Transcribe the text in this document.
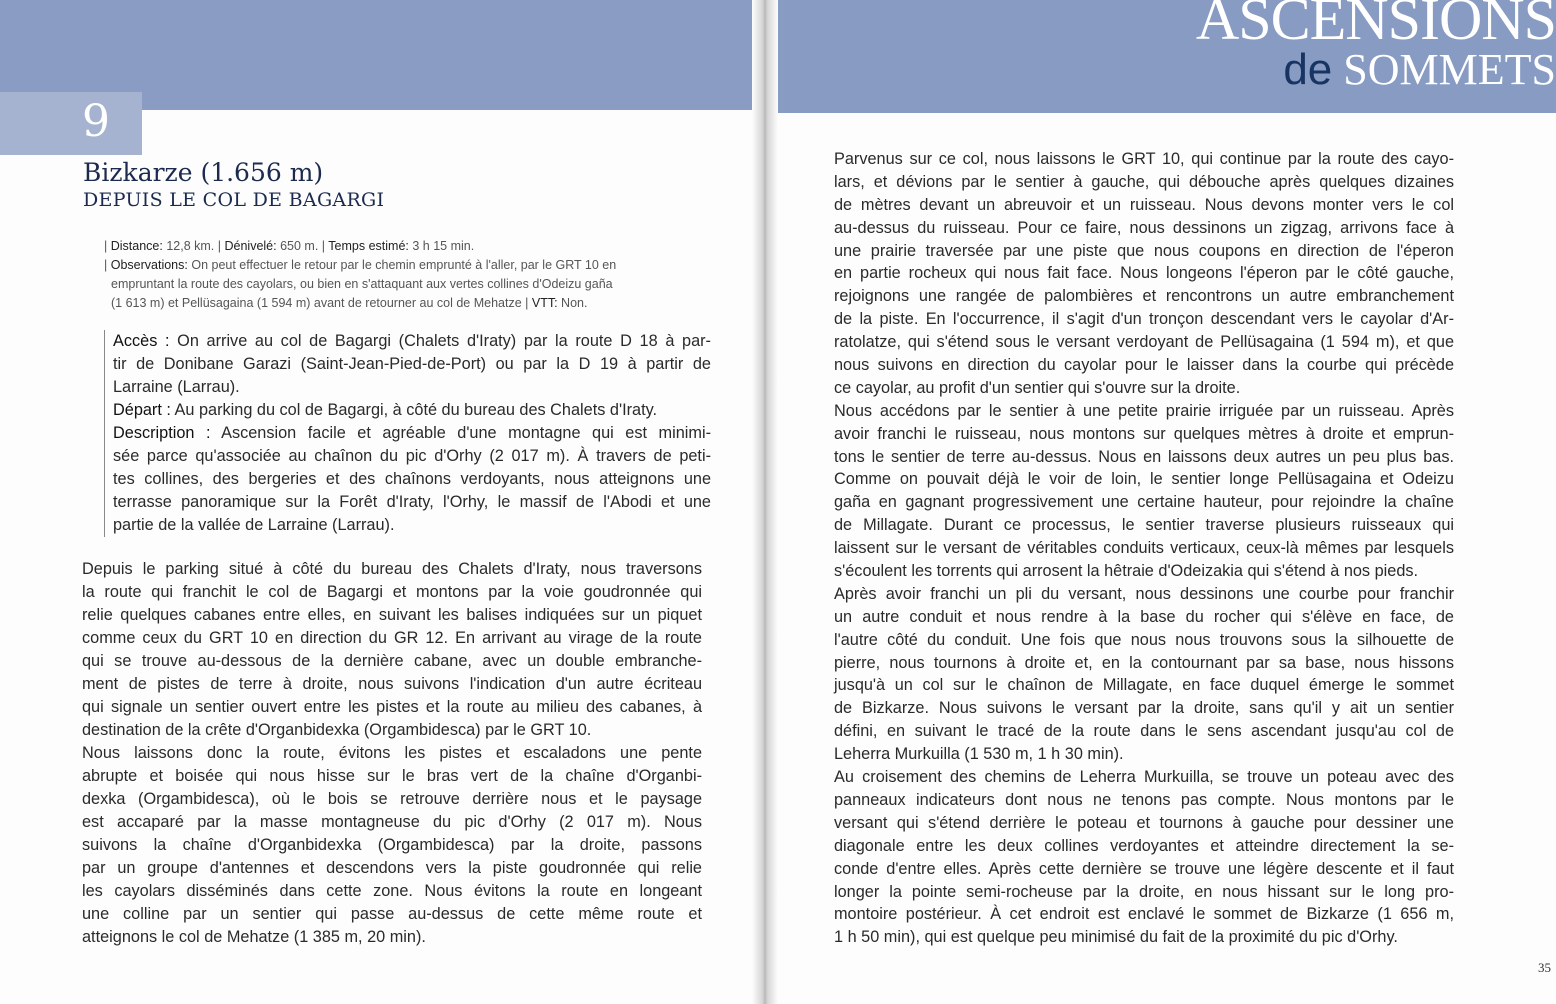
ASCENSIONS
de SOMMETS
9
Bizkarze (1.656 m)
DEPUIS LE COL DE BAGARGI
| Distance: 12,8 km. | Dénivelé: 650 m. | Temps estimé: 3 h 15 min.
| Observations: On peut effectuer le retour par le chemin emprunté à l'aller, par le GRT 10 en
empruntant la route des cayolars, ou bien en s'attaquant aux vertes collines d'Odeizu gaña
(1 613 m) et Pellüsagaina (1 594 m) avant de retourner au col de Mehatze | VTT: Non.
Accès : On arrive au col de Bagargi (Chalets d'Iraty) par la route D 18 à par-
tir de Donibane Garazi (Saint-Jean-Pied-de-Port) ou par la D 19 à partir de
Larraine (Larrau).
Départ : Au parking du col de Bagargi, à côté du bureau des Chalets d'Iraty.
Description : Ascension facile et agréable d'une montagne qui est minimi-
sée parce qu'associée au chaînon du pic d'Orhy (2 017 m). À travers de peti-
tes collines, des bergeries et des chaînons verdoyants, nous atteignons une
terrasse panoramique sur la Forêt d'Iraty, l'Orhy, le massif de l'Abodi et une
partie de la vallée de Larraine (Larrau).
Depuis le parking situé à côté du bureau des Chalets d'Iraty, nous traversons
la route qui franchit le col de Bagargi et montons par la voie goudronnée qui
relie quelques cabanes entre elles, en suivant les balises indiquées sur un piquet
comme ceux du GRT 10 en direction du GR 12. En arrivant au virage de la route
qui se trouve au-dessous de la dernière cabane, avec un double embranche-
ment de pistes de terre à droite, nous suivons l'indication d'un autre écriteau
qui signale un sentier ouvert entre les pistes et la route au milieu des cabanes, à
destination de la crête d'Organbidexka (Orgambidesca) par le GRT 10.
Nous laissons donc la route, évitons les pistes et escaladons une pente
abrupte et boisée qui nous hisse sur le bras vert de la chaîne d'Organbi-
dexka (Orgambidesca), où le bois se retrouve derrière nous et le paysage
est accaparé par la masse montagneuse du pic d'Orhy (2 017 m). Nous
suivons la chaîne d'Organbidexka (Orgambidesca) par la droite, passons
par un groupe d'antennes et descendons vers la piste goudronnée qui relie
les cayolars disséminés dans cette zone. Nous évitons la route en longeant
une colline par un sentier qui passe au-dessus de cette même route et
atteignons le col de Mehatze (1 385 m, 20 min).
Parvenus sur ce col, nous laissons le GRT 10, qui continue par la route des cayo-
lars, et dévions par le sentier à gauche, qui débouche après quelques dizaines
de mètres devant un abreuvoir et un ruisseau. Nous devons monter vers le col
au-dessus du ruisseau. Pour ce faire, nous dessinons un zigzag, arrivons face à
une prairie traversée par une piste que nous coupons en direction de l'éperon
en partie rocheux qui nous fait face. Nous longeons l'éperon par le côté gauche,
rejoignons une rangée de palombières et rencontrons un autre embranchement
de la piste. En l'occurrence, il s'agit d'un tronçon descendant vers le cayolar d'Ar-
ratolatze, qui s'étend sous le versant verdoyant de Pellüsagaina (1 594 m), et que
nous suivons en direction du cayolar pour le laisser dans la courbe qui précède
ce cayolar, au profit d'un sentier qui s'ouvre sur la droite.
Nous accédons par le sentier à une petite prairie irriguée par un ruisseau. Après
avoir franchi le ruisseau, nous montons sur quelques mètres à droite et emprun-
tons le sentier de terre au-dessus. Nous en laissons deux autres un peu plus bas.
Comme on pouvait déjà le voir de loin, le sentier longe Pellüsagaina et Odeizu
gaña en gagnant progressivement une certaine hauteur, pour rejoindre la chaîne
de Millagate. Durant ce processus, le sentier traverse plusieurs ruisseaux qui
laissent sur le versant de véritables conduits verticaux, ceux-là mêmes par lesquels
s'écoulent les torrents qui arrosent la hêtraie d'Odeizakia qui s'étend à nos pieds.
Après avoir franchi un pli du versant, nous dessinons une courbe pour franchir
un autre conduit et nous rendre à la base du rocher qui s'élève en face, de
l'autre côté du conduit. Une fois que nous nous trouvons sous la silhouette de
pierre, nous tournons à droite et, en la contournant par sa base, nous hissons
jusqu'à un col sur le chaînon de Millagate, en face duquel émerge le sommet
de Bizkarze. Nous suivons le versant par la droite, sans qu'il y ait un sentier
défini, en suivant le tracé de la route dans le sens ascendant jusqu'au col de
Leherra Murkuilla (1 530 m, 1 h 30 min).
Au croisement des chemins de Leherra Murkuilla, se trouve un poteau avec des
panneaux indicateurs dont nous ne tenons pas compte. Nous montons par le
versant qui s'étend derrière le poteau et tournons à gauche pour dessiner une
diagonale entre les deux collines verdoyantes et atteindre directement la se-
conde d'entre elles. Après cette dernière se trouve une légère descente et il faut
longer la pointe semi-rocheuse par la droite, en nous hissant sur le long pro-
montoire postérieur. À cet endroit est enclavé le sommet de Bizkarze (1 656 m,
1 h 50 min), qui est quelque peu minimisé du fait de la proximité du pic d'Orhy.
35
